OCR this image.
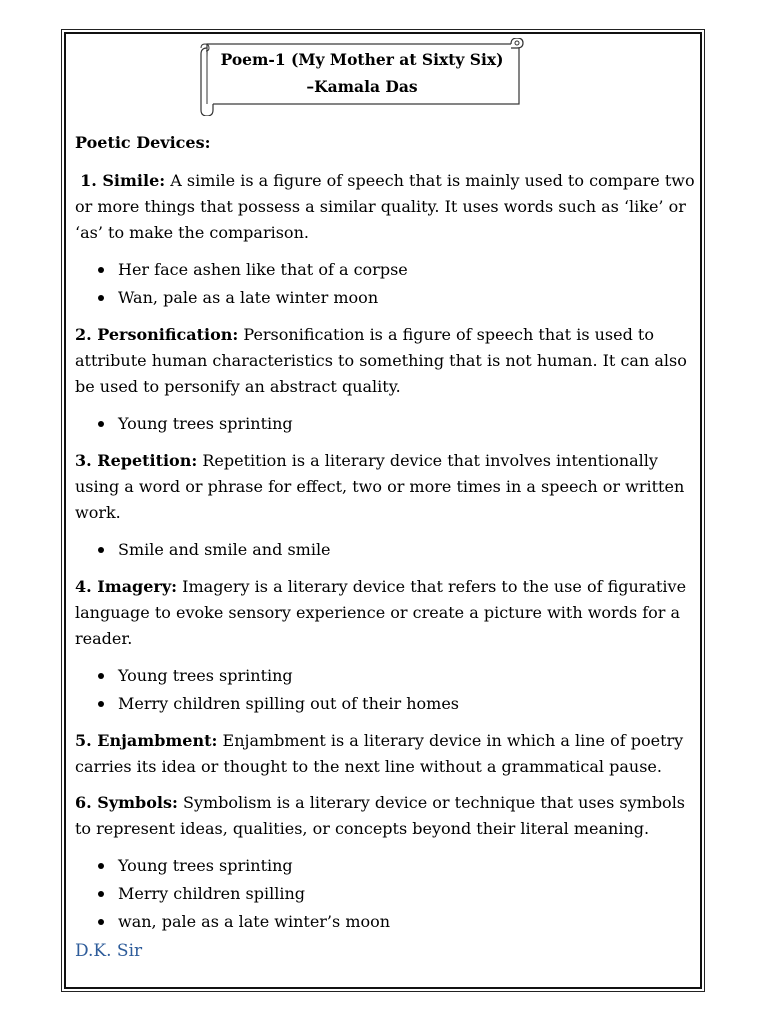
Poem-1 (My Mother at Sixty Six)
–Kamala Das
Poetic Devices:
1. Simile: A simile is a figure of speech that is mainly used to compare two or more things that possess a similar quality. It uses words such as ‘like’ or ‘as’ to make the comparison.
Her face ashen like that of a corpse
Wan, pale as a late winter moon
2. Personification: Personification is a figure of speech that is used to attribute human characteristics to something that is not human. It can also be used to personify an abstract quality.
Young trees sprinting
3. Repetition: Repetition is a literary device that involves intentionally using a word or phrase for effect, two or more times in a speech or written work.
Smile and smile and smile
4. Imagery: Imagery is a literary device that refers to the use of figurative language to evoke sensory experience or create a picture with words for a reader.
Young trees sprinting
Merry children spilling out of their homes
5. Enjambment: Enjambment is a literary device in which a line of poetry carries its idea or thought to the next line without a grammatical pause.
6. Symbols: Symbolism is a literary device or technique that uses symbols to represent ideas, qualities, or concepts beyond their literal meaning.
Young trees sprinting
Merry children spilling
wan, pale as a late winter’s moon
D.K. Sir
